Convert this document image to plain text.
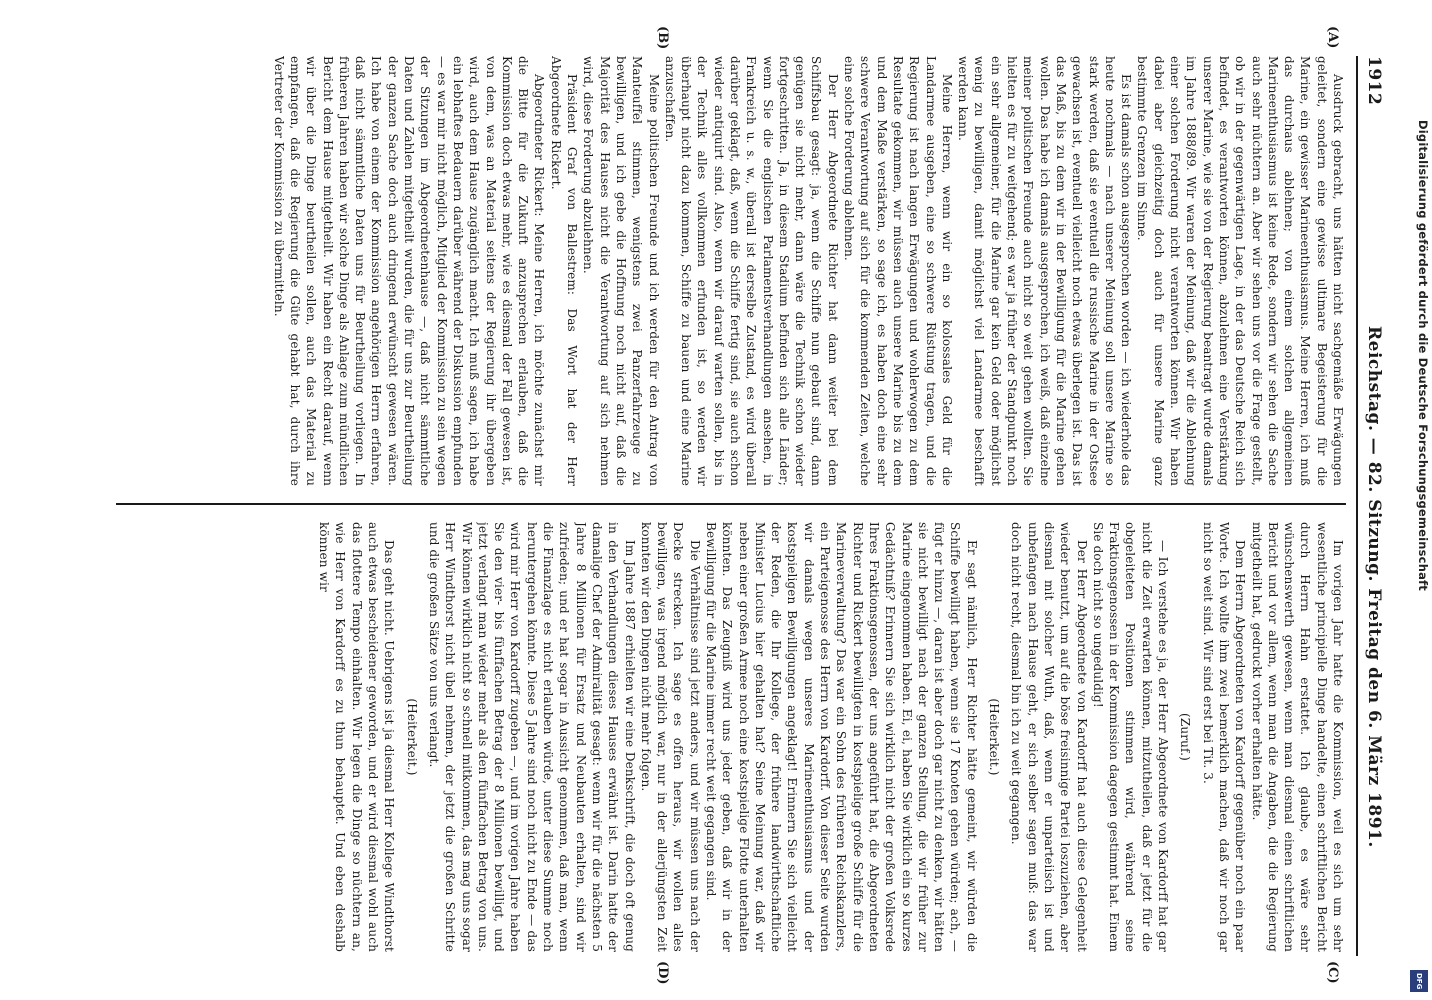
1912
Reichstag. — 82. Sitzung. Freitag den 6. März 1891.
(A)
(B)
(C)
(D)

Ausdruck gebracht, uns hätten nicht sachgemäße Erwägungen geleitet, sondern eine gewisse ultimare Begeisterung für die Marine, ein gewisser Marineenthusiasmus. Meine Herren, ich muß das durchaus ablehnen; von einem solchen allgemeinen Marineenthusiasmus ist keine Rede, sondern wir sehen die Sache auch sehr nüchtern an. Aber wir sehen uns vor die Frage gestellt, ob wir in der gegenwärtigen Lage, in der das Deutsche Reich sich befindet, es verantworten können, abzulehnen eine Verstärkung unserer Marine, wie sie von der Regierung beantragt wurde damals im Jahre 1888/89. Wir waren der Meinung, daß wir die Ablehnung einer solchen Forderung nicht verantworten können. Wir haben dabei aber gleichzeitig doch auch für unsere Marine ganz bestimmte Grenzen im Sinne.

Es ist damals schon ausgesprochen worden — ich wiederhole das heute nochmals — nach unserer Meinung soll unsere Marine so stark werden, daß sie eventuell die russische Marine in der Ostsee gewachsen ist, eventuell vielleicht noch etwas überlegen ist. Das ist das Maß, bis zu dem wir in der Bewilligung für die Marine gehen wollen. Das habe ich damals ausgesprochen, ich weiß, daß einzelne meiner politischen Freunde auch nicht so weit gehen wollten. Sie hielten es für zu weitgehend; es war ja früher der Standpunkt noch ein sehr allgemeiner, für die Marine gar kein Geld oder möglichst wenig zu bewilligen, damit möglichst viel Landarmee beschafft werden kann.

Meine Herren, wenn wir ein so kolossales Geld für die Landarmee ausgeben, eine so schwere Rüstung tragen, und die Regierung ist nach langen Erwägungen und wohlerwogen zu dem Resultate gekommen, wir müssen auch unsere Marine bis zu dem und dem Maße verstärken, so sage ich, es haben doch eine sehr schwere Verantwortung auf sich für die kommenden Zeiten, welche eine solche Forderung ablehnen.

Der Herr Abgeordnete Richter hat dann weiter bei dem Schiffsbau gesagt: ja, wenn die Schiffe nun gebaut sind, dann genügen sie nicht mehr, dann wäre die Technik schon wieder fortgeschritten. Ja, in diesem Stadium befinden sich alle Länder; wenn Sie die englischen Parlamentsverhandlungen ansehen, in Frankreich u. s. w., überall ist derselbe Zustand, es wird überall darüber geklagt, daß, wenn die Schiffe fertig sind, sie auch schon wieder antiquirt sind. Also, wenn wir darauf warten sollen, bis in der Technik alles vollkommen erfunden ist, so werden wir überhaupt nicht dazu kommen, Schiffe zu bauen und eine Marine anzuschaffen.

Meine politischen Freunde und ich werden für den Antrag von Manteuffel stimmen, wenigstens zwei Panzerfahrzeuge zu bewilligen, und ich gebe die Hoffnung noch nicht auf, daß die Majorität des Hauses nicht die Verantwortung auf sich nehmen wird, diese Forderung abzulehnen.

Präsident Graf von Ballestrem: Das Wort hat der Herr Abgeordnete Rickert.

Abgeordneter Rickert: Meine Herren, ich möchte zunächst mir die Bitte für die Zukunft anzusprechen erlauben, daß die Kommission doch etwas mehr, wie es diesmal der Fall gewesen ist, von dem, was an Material seitens der Regierung ihr übergeben wird, auch dem Hause zugänglich macht. Ich muß sagen, ich habe ein lebhaftes Bedauern darüber während der Diskussion empfunden — es war mir nicht möglich, Mitglied der Kommission zu sein wegen der Sitzungen im Abgeordnetenhause —, daß nicht sämmtliche Daten und Zahlen mitgetheilt wurden, die für uns zur Beurtheilung der ganzen Sache doch auch dringend erwünscht gewesen wären. Ich habe von einem der Kommission angehörigen Herrn erfahren, daß nicht sämmtliche Daten uns für Beurtheilung vorliegen. In früheren Jahren haben wir solche Dinge als Anlage zum mündlichen Bericht dem Hause mitgetheilt. Wir haben ein Recht darauf, wenn wir über die Dinge beurtheilen sollen, auch das Material zu empfangen, daß die Regierung die Güte gehabt hat, durch ihre Vertreter der Kommission zu übermitteln.

Im vorigen Jahr hatte die Kommission, weil es sich um sehr wesentliche principielle Dinge handelte, einen schriftlichen Bericht durch Herrn Hahn erstattet. Ich glaube, es wäre sehr wünschenswerth gewesen, wenn man diesmal einen schriftlichen Bericht und vor allem, wenn man die Angaben, die die Regierung mitgetheilt hat, gedruckt vorher erhalten hätte.

Dem Herrn Abgeordneten von Kardorff gegenüber noch ein paar Worte. Ich wollte ihm zwei bemerklich machen, daß wir noch gar nicht so weit sind. Wir sind erst bei Tit. 3.

(Zuruf.)

— Ich verstehe es ja, der Herr Abgeordnete von Kardorff hat gar nicht die Zeit erwarten können, mitzutheilen, daß er jetzt für die obgeleiteten Positionen stimmen wird, während seine Fraktionsgenossen in der Kommission dagegen gestimmt hat. Einem Sie doch nicht so ungeduldig!

Der Herr Abgeordnete von Kardorff hat auch diese Gelegenheit wieder benutzt, um auf die böse freisinnige Partei loszuziehen, aber diesmal mit solcher Wuth, daß, wenn er unparteiisch ist und unbefangen nach Hause geht, er sich selber sagen muß: das war doch nicht recht, diesmal bin ich zu weit gegangen.

(Heiterkeit.)

Er sagt nämlich, Herr Richter hätte gemeint, wir würden die Schiffe bewilligt haben, wenn sie 17 Knoten gehen würden; ach, — fügt er hinzu —, daran ist aber doch gar nicht zu denken, wir hätten sie nicht bewilligt nach der ganzen Stellung, die wir früher zur Marine eingenommen haben. Ei, ei, haben Sie wirklich ein so kurzes Gedächtniß? Erinnern Sie sich wirklich nicht der großen Volksrede Ihres Fraktionsgenossen, der uns angeführt hat, die Abgeordneten Richter und Rickert bewilligten in kostspielige große Schiffe für die Marineverwaltung? Das war ein Sohn des früheren Reichskanzlers, ein Parteigenosse des Herrn von Kardorff. Von dieser Seite wurden wir damals wegen unseres Marineenthusiasmus und der kostspieligen Bewilligungen angeklagt! Erinnern Sie sich vielleicht der Reden, die Ihr Kollege, der frühere landwirthschaftliche Minister Lucius hier gehalten hat? Seine Meinung war, daß wir neben einer großen Armee noch eine kostspielige Flotte unterhalten könnten. Das Zeugniß wird uns jeder geben, daß wir in der Bewilligung für die Marine immer recht weit gegangen sind.

Die Verhältnisse sind jetzt anders, und wir müssen uns nach der Decke strecken. Ich sage es offen heraus, wir wollen alles bewilligen, was irgend möglich war, nur in der allerjüngsten Zeit konnten wir den Dingen nicht mehr folgen.

Im Jahre 1887 erhielten wir eine Denkschrift, die doch oft genug in den Verhandlungen dieses Hauses erwähnt ist. Darin hatte der damalige Chef der Admiralität gesagt: wenn wir für die nächsten 5 Jahre 8 Millionen für Ersatz und Neubauten erhalten, sind wir zufrieden; und er hat sogar in Aussicht genommen, daß man, wenn die Finanzlage es nicht erlauben würde, unter diese Summe noch heruntergehen könnte. Diese 5 Jahre sind noch nicht zu Ende — das wird mir Herr von Kardorff zugeben —, und im vorigen Jahre haben Sie den vier- bis fünffachen Betrag der 8 Millionen bewilligt, und jetzt verlangt man wieder mehr als den fünffachen Betrag von uns. Wir können wirklich nicht so schnell mitkommen, das mag uns sogar Herr Windthorst nicht übel nehmen, der jetzt die großen Schritte und die großen Sätze von uns verlangt.

(Heiterkeit.)

Das geht nicht. Uebrigens ist ja diesmal Herr Kollege Windthorst auch etwas bescheidener geworden, und er wird diesmal wohl auch das flottere Tempo einhalten. Wir legen die Dinge so nüchtern an, wie Herr von Kardorff es zu thun behauptet. Und eben deshalb können wir	Digitalisierung gefördert durch die Deutsche Forschungsgemeinschaft
DFG
